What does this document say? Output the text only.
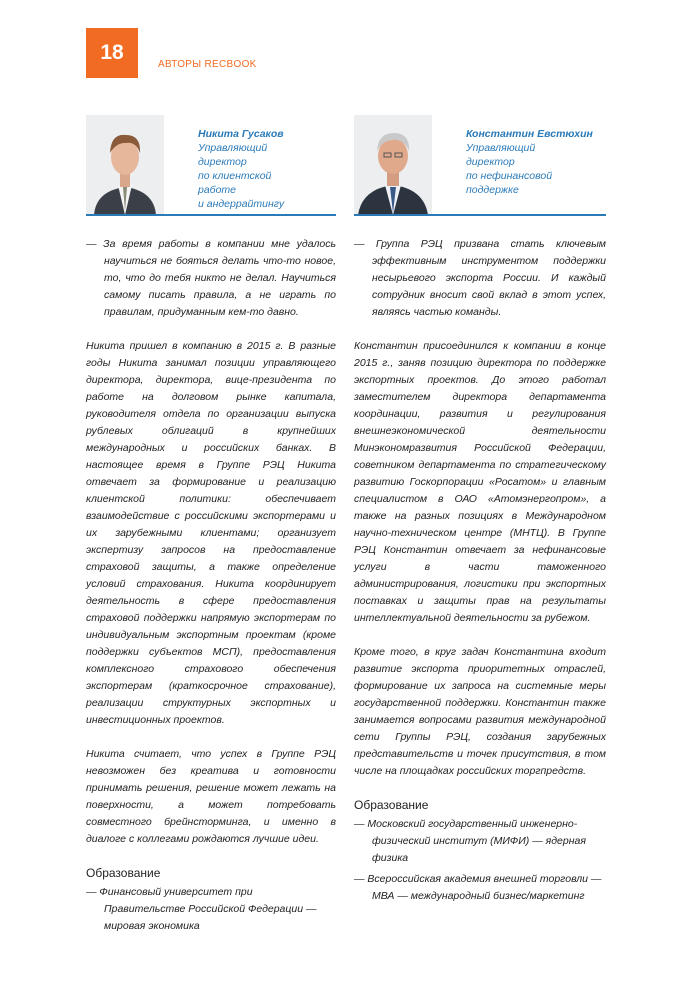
18
АВТОРЫ RECBOOK
Никита Гусаков
Управляющий
директор
по клиентской работе
и андеррайтингу
Константин Евстюхин
Управляющий
директор
по нефинансовой
поддержке

— За время работы в компании мне удалось научиться не бояться делать что-то новое, то, что до тебя никто не делал. Научиться самому писать правила, а не играть по правилам, придуманным кем-то давно.

Никита пришел в компанию в 2015 г. В разные годы Никита занимал позиции управляющего директора, директора, вице-президента по работе на долговом рынке капитала, руководителя отдела по организации выпуска рублевых облигаций в крупнейших международных и российских банках. В настоящее время в Группе РЭЦ Никита отвечает за формирование и реализацию клиентской политики: обеспечивает взаимодействие с российскими экспортерами и их зарубежными клиентами; организует экспертизу запросов на предоставление страховой защиты, а также определение условий страхования. Никита координирует деятельность в сфере предоставления страховой поддержки напрямую экспортерам по индивидуальным экспортным проектам (кроме поддержки субъектов МСП), предоставления комплексного страхового обеспечения экспортерам (краткосрочное страхование), реализации структурных экспортных и инвестиционных проектов.

Никита считает, что успех в Группе РЭЦ невозможен без креатива и готовности принимать решения, решение может лежать на поверхности, а может потребовать совместного брейнсторминга, и именно в диалоге с коллегами рождаются лучшие идеи.

Образование
— Финансовый университет при Правительстве Российской Федерации — мировая экономика

— Группа РЭЦ призвана стать ключевым эффективным инструментом поддержки несырьевого экспорта России. И каждый сотрудник вносит свой вклад в этот успех, являясь частью команды.

Константин присоединился к компании в конце 2015 г., заняв позицию директора по поддержке экспортных проектов. До этого работал заместителем директора департамента координации, развития и регулирования внешнеэкономической деятельности Минэкономразвития Российской Федерации, советником департамента по стратегическому развитию Госкорпорации «Росатом» и главным специалистом в ОАО «Атомэнергопром», а также на разных позициях в Международном научно-техническом центре (МНТЦ). В Группе РЭЦ Константин отвечает за нефинансовые услуги в части таможенного администрирования, логистики при экспортных поставках и защиты прав на результаты интеллектуальной деятельности за рубежом.

Кроме того, в круг задач Константина входит развитие экспорта приоритетных отраслей, формирование их запроса на системные меры государственной поддержки. Константин также занимается вопросами развития международной сети Группы РЭЦ, создания зарубежных представительств и точек присутствия, в том числе на площадках российских торгпредств.

Образование
— Московский государственный инженерно-физический институт (МИФИ) — ядерная физика
— Всероссийская академия внешней торговли — МВА — международный бизнес/маркетинг
